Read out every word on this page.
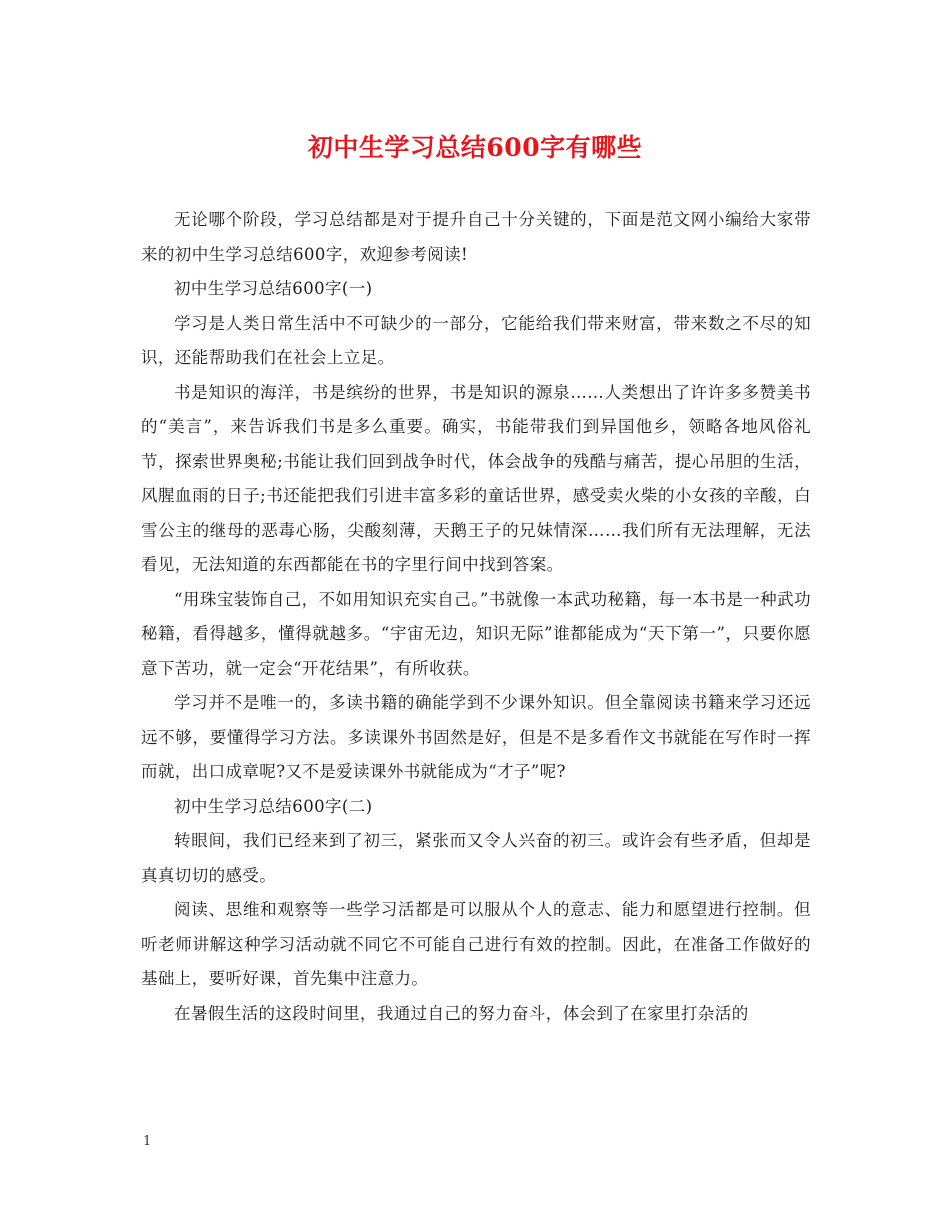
初中生学习总结600字有哪些

无论哪个阶段，学习总结都是对于提升自己十分关键的，下面是范文网小编给大家带来的初中生学习总结600字，欢迎参考阅读!

初中生学习总结600字(一)

学习是人类日常生活中不可缺少的一部分，它能给我们带来财富，带来数之不尽的知识，还能帮助我们在社会上立足。

书是知识的海洋，书是缤纷的世界，书是知识的源泉……人类想出了许许多多赞美书的“美言”，来告诉我们书是多么重要。确实，书能带我们到异国他乡，领略各地风俗礼节，探索世界奥秘;书能让我们回到战争时代，体会战争的残酷与痛苦，提心吊胆的生活，风腥血雨的日子;书还能把我们引进丰富多彩的童话世界，感受卖火柴的小女孩的辛酸，白雪公主的继母的恶毒心肠，尖酸刻薄，天鹅王子的兄妹情深……我们所有无法理解，无法看见，无法知道的东西都能在书的字里行间中找到答案。

“用珠宝装饰自己，不如用知识充实自己。”书就像一本武功秘籍，每一本书是一种武功秘籍，看得越多，懂得就越多。“宇宙无边，知识无际”谁都能成为“天下第一”，只要你愿意下苦功，就一定会“开花结果”，有所收获。

学习并不是唯一的，多读书籍的确能学到不少课外知识。但全靠阅读书籍来学习还远远不够，要懂得学习方法。多读课外书固然是好，但是不是多看作文书就能在写作时一挥而就，出口成章呢?又不是爱读课外书就能成为“才子”呢?

初中生学习总结600字(二)

转眼间，我们已经来到了初三，紧张而又令人兴奋的初三。或许会有些矛盾，但却是真真切切的感受。

阅读、思维和观察等一些学习活都是可以服从个人的意志、能力和愿望进行控制。但听老师讲解这种学习活动就不同它不可能自己进行有效的控制。因此，在准备工作做好的基础上，要听好课，首先集中注意力。

在暑假生活的这段时间里，我通过自己的努力奋斗，体会到了在家里打杂活的

1
